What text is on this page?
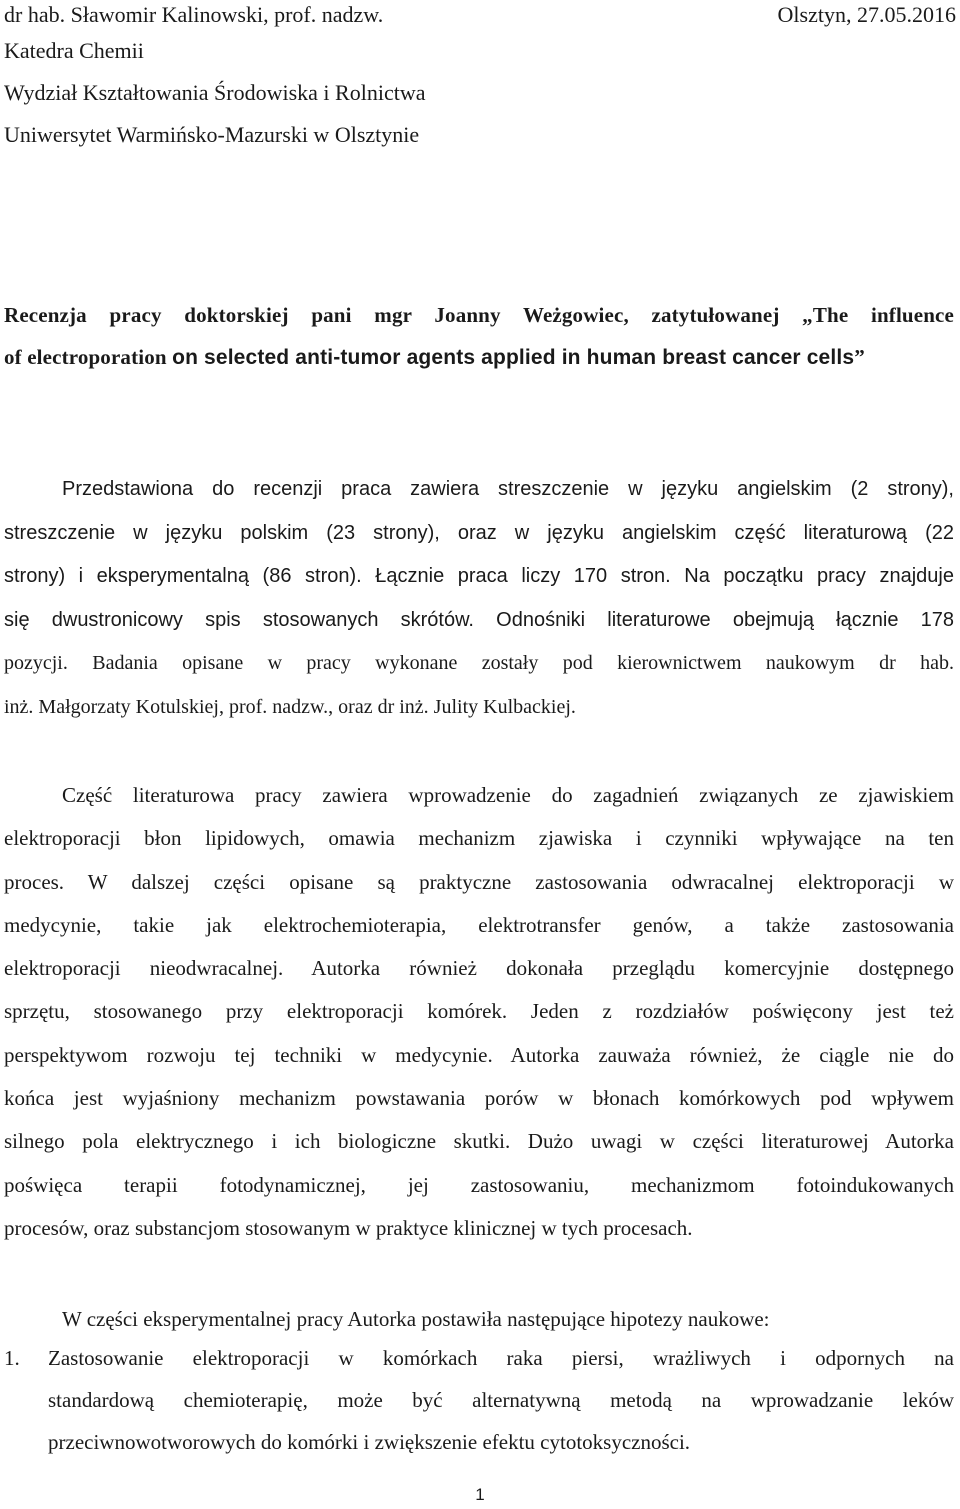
dr hab. Sławomir Kalinowski, prof. nadzw.	Olsztyn, 27.05.2016
Katedra Chemii
Wydział Kształtowania Środowiska i Rolnictwa
Uniwersytet Warmińsko-Mazurski w Olsztynie
Recenzja pracy doktorskiej pani mgr Joanny Weżgowiec, zatytułowanej „The influence
of electroporation on selected anti-tumor agents applied in human breast cancer cells”
Przedstawiona do recenzji praca zawiera streszczenie w języku angielskim (2 strony),
streszczenie w języku polskim (23 strony), oraz w języku angielskim część literaturową (22
strony) i eksperymentalną (86 stron). Łącznie praca liczy 170 stron. Na początku pracy znajduje
się dwustronicowy spis stosowanych skrótów. Odnośniki literaturowe obejmują łącznie 178
pozycji. Badania opisane w pracy wykonane zostały pod kierownictwem naukowym dr hab.
inż. Małgorzaty Kotulskiej, prof. nadzw., oraz dr inż. Julity Kulbackiej.
Część literaturowa pracy zawiera wprowadzenie do zagadnień związanych ze zjawiskiem
elektroporacji błon lipidowych, omawia mechanizm zjawiska i czynniki wpływające na ten
proces. W dalszej części opisane są praktyczne zastosowania odwracalnej elektroporacji w
medycynie, takie jak elektrochemioterapia, elektrotransfer genów, a także zastosowania
elektroporacji nieodwracalnej. Autorka również dokonała przeglądu komercyjnie dostępnego
sprzętu, stosowanego przy elektroporacji komórek. Jeden z rozdziałów poświęcony jest też
perspektywom rozwoju tej techniki w medycynie. Autorka zauważa również, że ciągle nie do
końca jest wyjaśniony mechanizm powstawania porów w błonach komórkowych pod wpływem
silnego pola elektrycznego i ich biologiczne skutki. Dużo uwagi w części literaturowej Autorka
poświęca terapii fotodynamicznej, jej zastosowaniu, mechanizmom fotoindukowanych
procesów, oraz substancjom stosowanym w praktyce klinicznej w tych procesach.
W części eksperymentalnej pracy Autorka postawiła następujące hipotezy naukowe:
1.	Zastosowanie elektroporacji w komórkach raka piersi, wrażliwych i odpornych na
standardową chemioterapię, może być alternatywną metodą na wprowadzanie leków
przeciwnowotworowych do komórki i zwiększenie efektu cytotoksyczności.
1
